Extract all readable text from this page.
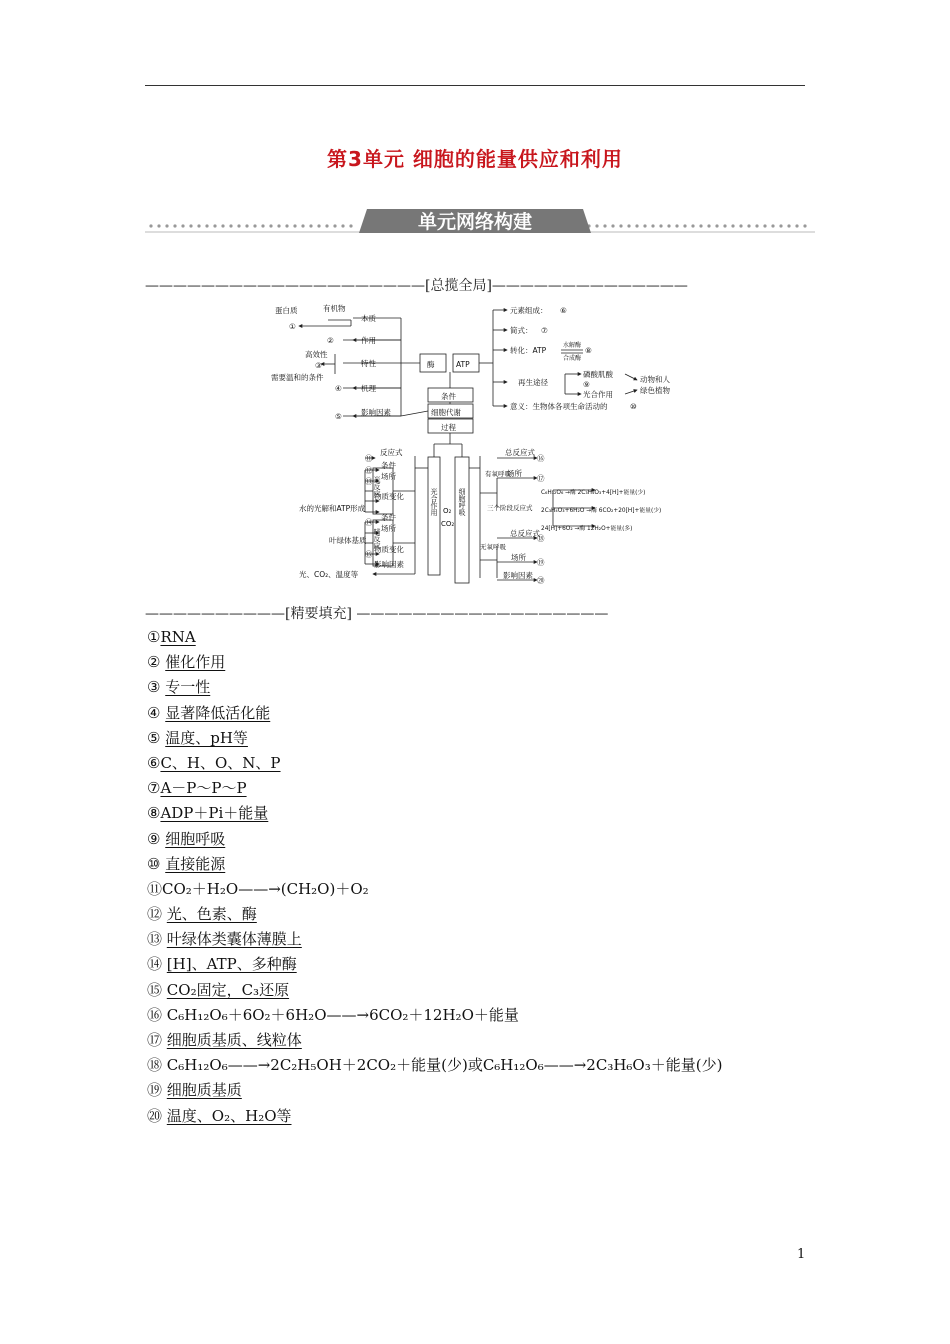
第3单元 细胞的能量供应和利用
单元网络构建
————————————————————[总揽全局]——————————————
蛋白质
①
有机物
本质
②	作用
高效性
③	特性
需要温和的条件
④	机理
⑤	影响因素
酶	ATP
条件
细胞代谢
过程
元素组成： ⑥
简式： ⑦
转化：ATP
水解酶
合成酶
⑧
再生途径
磷酸肌酸
⑨
光合作用
动物和人
绿色植物
意义：生物体各项生命活动的	⑩
反应式
⑪
条件
⑫
场所
⑬
物质变化
水的光解和ATP形成
⑭
条件
叶绿体基质
场所
⑮
物质变化
影响因素
光、CO₂、温度等
光反应
暗反应
光合作用	细胞呼吸
O₂
CO₂
有氧呼吸
总反应式
⑯
场所
⑰
三个阶段反应式
C₆H₁₂O₆ →酶 2C₃H₄O₃+4[H]+能量(少)
2C₃H₄O₃+6H₂O →酶 6CO₂+20[H]+能量(少)
24[H]+6O₂ →酶 12H₂O+能量(多)
无氧呼吸
总反应式
⑱
场所
⑲
影响因素
⑳
——————————[精要填充] ——————————————————
①RNA
② 催化作用
③ 专一性
④ 显著降低活化能
⑤ 温度、pH等
⑥C、H、O、N、P
⑦A－P～P～P
⑧ADP＋Pi＋能量
⑨ 细胞呼吸
⑩ 直接能源
⑪CO₂＋H₂O——→(CH₂O)＋O₂
⑫ 光、色素、酶
⑬ 叶绿体类囊体薄膜上
⑭ [H]、ATP、多种酶
⑮ CO₂固定，C₃还原
⑯ C₆H₁₂O₆＋6O₂＋6H₂O——→6CO₂＋12H₂O＋能量
⑰ 细胞质基质、线粒体
⑱ C₆H₁₂O₆——→2C₂H₅OH＋2CO₂＋能量(少)或C₆H₁₂O₆——→2C₃H₆O₃＋能量(少)
⑲ 细胞质基质
⑳ 温度、O₂、H₂O等
1
